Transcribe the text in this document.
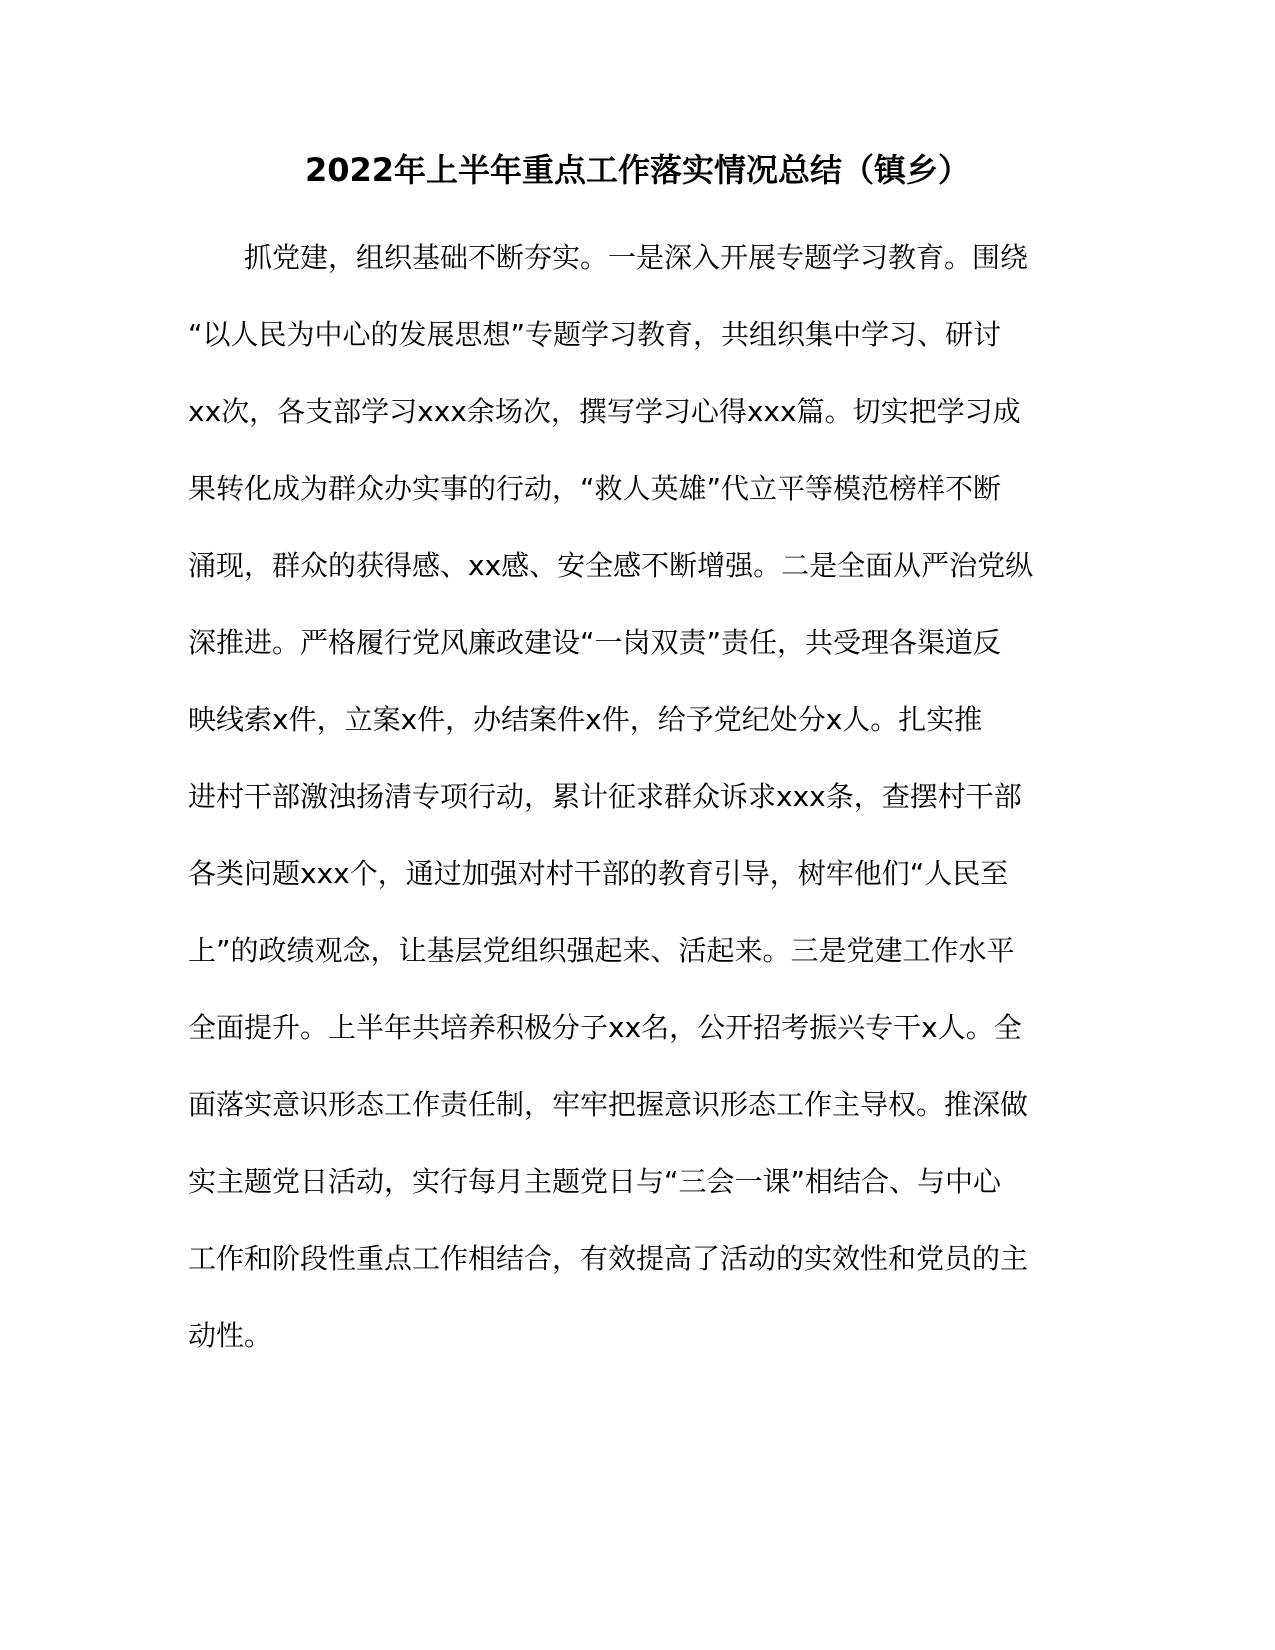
2022年上半年重点工作落实情况总结（镇乡）

抓党建，组织基础不断夯实。一是深入开展专题学习教育。围绕

“以人民为中心的发展思想”专题学习教育，共组织集中学习、研讨

xx次，各支部学习xxx余场次，撰写学习心得xxx篇。切实把学习成

果转化成为群众办实事的行动，“救人英雄”代立平等模范榜样不断

涌现，群众的获得感、xx感、安全感不断增强。二是全面从严治党纵

深推进。严格履行党风廉政建设“一岗双责”责任，共受理各渠道反

映线索x件，立案x件，办结案件x件，给予党纪处分x人。扎实推

进村干部激浊扬清专项行动，累计征求群众诉求xxx条，查摆村干部

各类问题xxx个，通过加强对村干部的教育引导，树牢他们“人民至

上”的政绩观念，让基层党组织强起来、活起来。三是党建工作水平

全面提升。上半年共培养积极分子xx名，公开招考振兴专干x人。全

面落实意识形态工作责任制，牢牢把握意识形态工作主导权。推深做

实主题党日活动，实行每月主题党日与“三会一课”相结合、与中心

工作和阶段性重点工作相结合，有效提高了活动的实效性和党员的主

动性。
